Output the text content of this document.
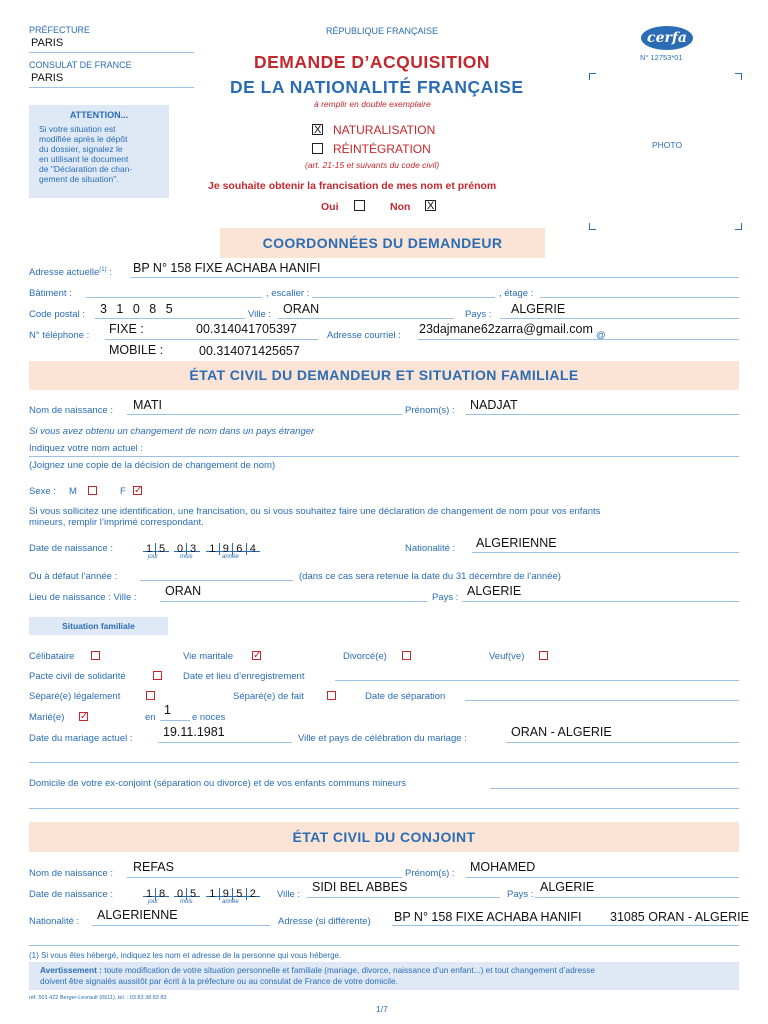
PRÉFECTURE
PARIS
CONSULAT DE FRANCE
PARIS
RÉPUBLIQUE FRANÇAISE
DEMANDE D’ACQUISITION
DE LA NATIONALITÉ FRANÇAISE
à remplir en double exemplaire
cerfa
N° 12753*01
PHOTO
ATTENTION...
Si votre situation est
modifiée après le dépôt
du dossier, signalez le
en utilisant le document
de "Déclaration de chan-
gement de situation".
X NATURALISATION
RÉINTÉGRATION
(art. 21-15 et suivants du code civil)
Je souhaite obtenir la francisation de mes nom et prénom
Oui	Non X
COORDONNÉES DU DEMANDEUR
Adresse actuelle$^{(1)}$ : BP N° 158 FIXE ACHABA HANIFI
Bâtiment :	, escalier :	, étage :
Code postal : 3 1 0 8 5	Ville : ORAN	Pays : ALGERIE
N° téléphone : FIXE :	00.314041705397	Adresse courriel : 23dajmane62zarra@gmail.com @
MOBILE :	00.314071425657
ÉTAT CIVIL DU DEMANDEUR ET SITUATION FAMILIALE
Nom de naissance : MATI	Prénom(s) : NADJAT
Si vous avez obtenu un changement de nom dans un pays étranger
Indiquez votre nom actuel :
(Joignez une copie de la décision de changement de nom)
Sexe : M	F ✓
Si vous sollicitez une identification, une francisation, ou si vous souhaitez faire une déclaration de changement de nom pour vos enfants
mineurs, remplir l’imprimé correspondant.
Date de naissance :	1 5	0 3	1 9 6 4
jour	mois	année
Nationalité : ALGERIENNE
Ou à défaut l’année :	(dans ce cas sera retenue la date du 31 décembre de l’année)
Lieu de naissance : Ville : ORAN	Pays : ALGERIE
Situation familiale
Célibataire	Vie maritale ✓	Divorcé(e)	Veuf(ve)
Pacte civil de solidarité	Date et lieu d’enregistrement
Séparé(e) légalement	Séparé(e) de fait	Date de séparation
Marié(e) ✓	en
1
e noces
Date du mariage actuel : 19.11.1981	Ville et pays de célébration du mariage :	ORAN - ALGERIE
Domicile de votre ex-conjoint (séparation ou divorce) et de vos enfants communs mineurs
ÉTAT CIVIL DU CONJOINT
Nom de naissance : REFAS	Prénom(s) : MOHAMED
Date de naissance :	1 8	0 5	1 9 5 2
jour	mois	année
Ville :
SIDI BEL ABBES
Pays :
ALGERIE
Nationalité : ALGERIENNE	Adresse (si différente) BP N° 158 FIXE ACHABA HANIFI 31085 ORAN - ALGERIE
(1) Si vous êtes hébergé, indiquez les nom et adresse de la personne qui vous héberge.
Avertissement : toute modification de votre situation personnelle et familiale (mariage, divorce, naissance d’un enfant...) et tout changement d’adresse
doivent être signalés aussitôt par écrit à la préfecture ou au consulat de France de votre domicile.
réf. 501 422 Berger-Levrault (0611). tel. : 03 83 38 83 83
1/7
